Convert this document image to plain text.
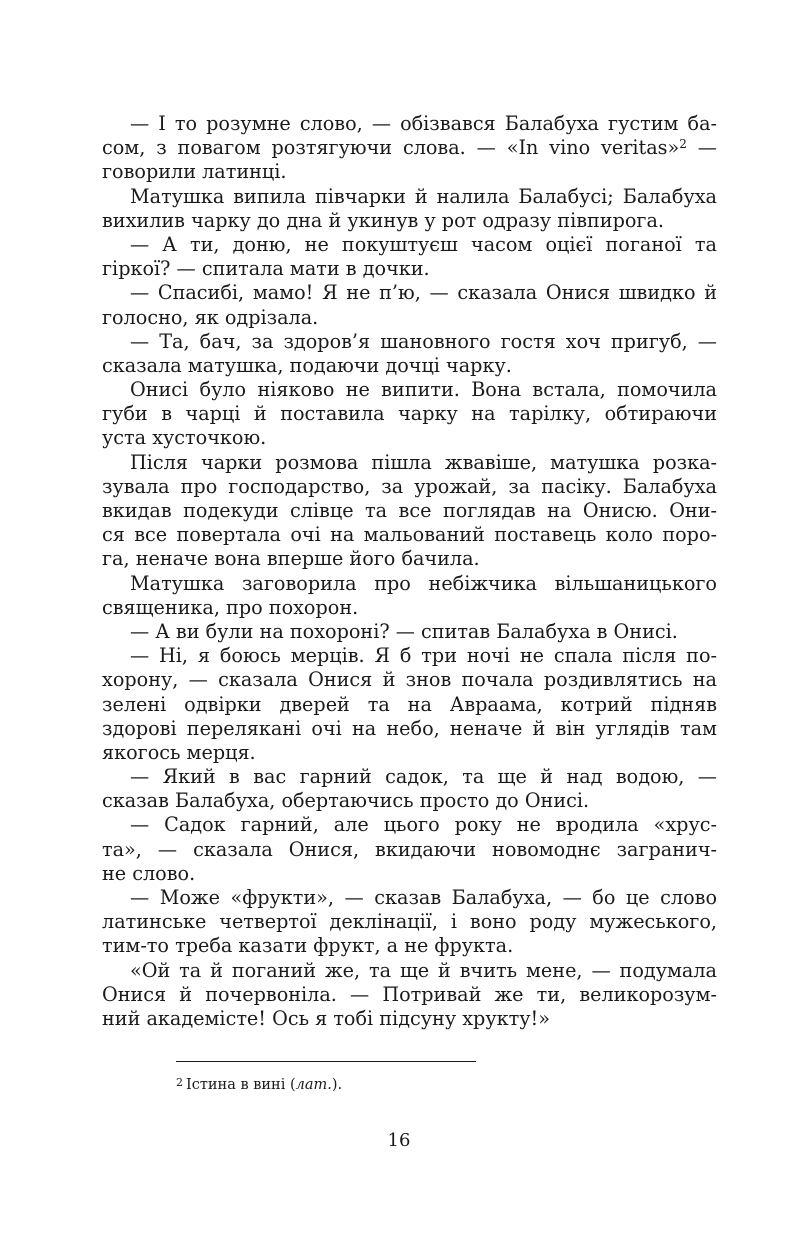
— І то розумне слово, — обізвався Балабуха густим ба-
сом, з повагом розтягуючи слова. — «In vino veritas»$^2$ —
говорили латинці.
Матушка випила півчарки й налила Балабусі; Балабуха
вихилив чарку до дна й укинув у рот одразу півпирога.
— А ти, доню, не покуштуєш часом оцієї поганої та
гіркої? — спитала мати в дочки.
— Спасибі, мамо! Я не п’ю, — сказала Онися швидко й
голосно, як одрізала.
— Та, бач, за здоров’я шановного гостя хоч пригуб, —
сказала матушка, подаючи дочці чарку.
Онисі було ніяково не випити. Вона встала, помочила
губи в чарці й поставила чарку на тарілку, обтираючи
уста хусточкою.
Після чарки розмова пішла жвавіше, матушка розка-
зувала про господарство, за урожай, за пасіку. Балабуха
вкидав подекуди слівце та все поглядав на Онисю. Они-
ся все повертала очі на мальований поставець коло поро-
га, неначе вона вперше його бачила.
Матушка заговорила про небіжчика вільшаницького
священика, про похорон.
— А ви були на похороні? — спитав Балабуха в Онисі.
— Ні, я боюсь мерців. Я б три ночі не спала після по-
хорону, — сказала Онися й знов почала роздивлятись на
зелені одвірки дверей та на Авраама, котрий підняв
здорові перелякані очі на небо, неначе й він углядів там
якогось мерця.
— Який в вас гарний садок, та ще й над водою, —
сказав Балабуха, обертаючись просто до Онисі.
— Садок гарний, але цього року не вродила «хрус-
та», — сказала Онися, вкидаючи новомоднє загранич-
не слово.
— Може «фрукти», — сказав Балабуха, — бо це слово
латинське четвертої деклінації, і воно роду мужеського,
тим-то треба казати фрукт, а не фрукта.
«Ой та й поганий же, та ще й вчить мене, — подумала
Онися й почервоніла. — Потривай же ти, великорозум-
ний академісте! Ось я тобі підсуну хрукту!»
$^2$ Істина в вині (лат.).
16
